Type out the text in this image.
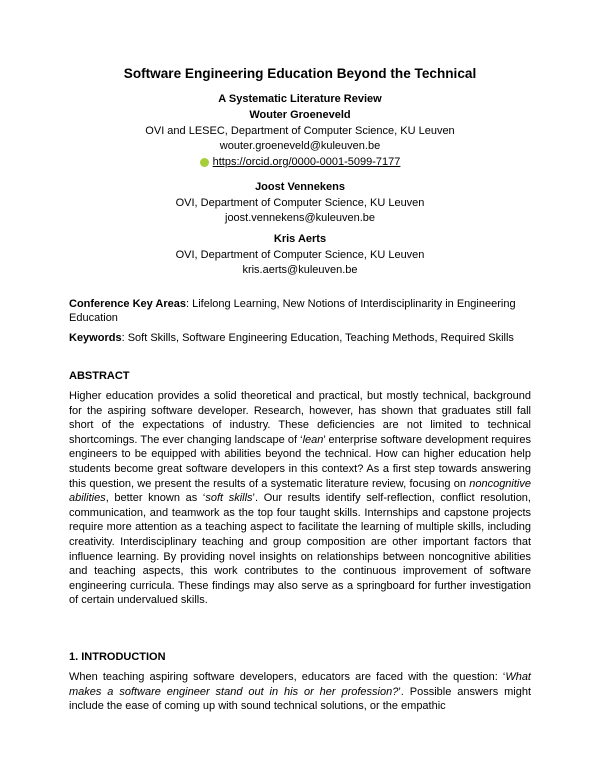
Software Engineering Education Beyond the Technical
A Systematic Literature Review
Wouter Groeneveld
OVI and LESEC, Department of Computer Science, KU Leuven
wouter.groeneveld@kuleuven.be
https://orcid.org/0000-0001-5099-7177
Joost Vennekens
OVI, Department of Computer Science, KU Leuven
joost.vennekens@kuleuven.be
Kris Aerts
OVI, Department of Computer Science, KU Leuven
kris.aerts@kuleuven.be
Conference Key Areas: Lifelong Learning, New Notions of Interdisciplinarity in Engineering Education
Keywords: Soft Skills, Software Engineering Education, Teaching Methods, Required Skills
ABSTRACT
Higher education provides a solid theoretical and practical, but mostly technical, background for the aspiring software developer. Research, however, has shown that graduates still fall short of the expectations of industry. These deficiencies are not limited to technical shortcomings. The ever changing landscape of ‘lean’ enterprise software development requires engineers to be equipped with abilities beyond the technical. How can higher education help students become great software developers in this context? As a first step towards answering this question, we present the results of a systematic literature review, focusing on noncognitive abilities, better known as ‘soft skills’. Our results identify self-reflection, conflict resolution, communication, and teamwork as the top four taught skills. Internships and capstone projects require more attention as a teaching aspect to facilitate the learning of multiple skills, including creativity. Interdisciplinary teaching and group composition are other important factors that influence learning. By providing novel insights on relationships between noncognitive abilities and teaching aspects, this work contributes to the continuous improvement of software engineering curricula. These findings may also serve as a springboard for further investigation of certain undervalued skills.
1. INTRODUCTION
When teaching aspiring software developers, educators are faced with the question: ‘What makes a software engineer stand out in his or her profession?’. Possible answers might include the ease of coming up with sound technical solutions, or the empathic
